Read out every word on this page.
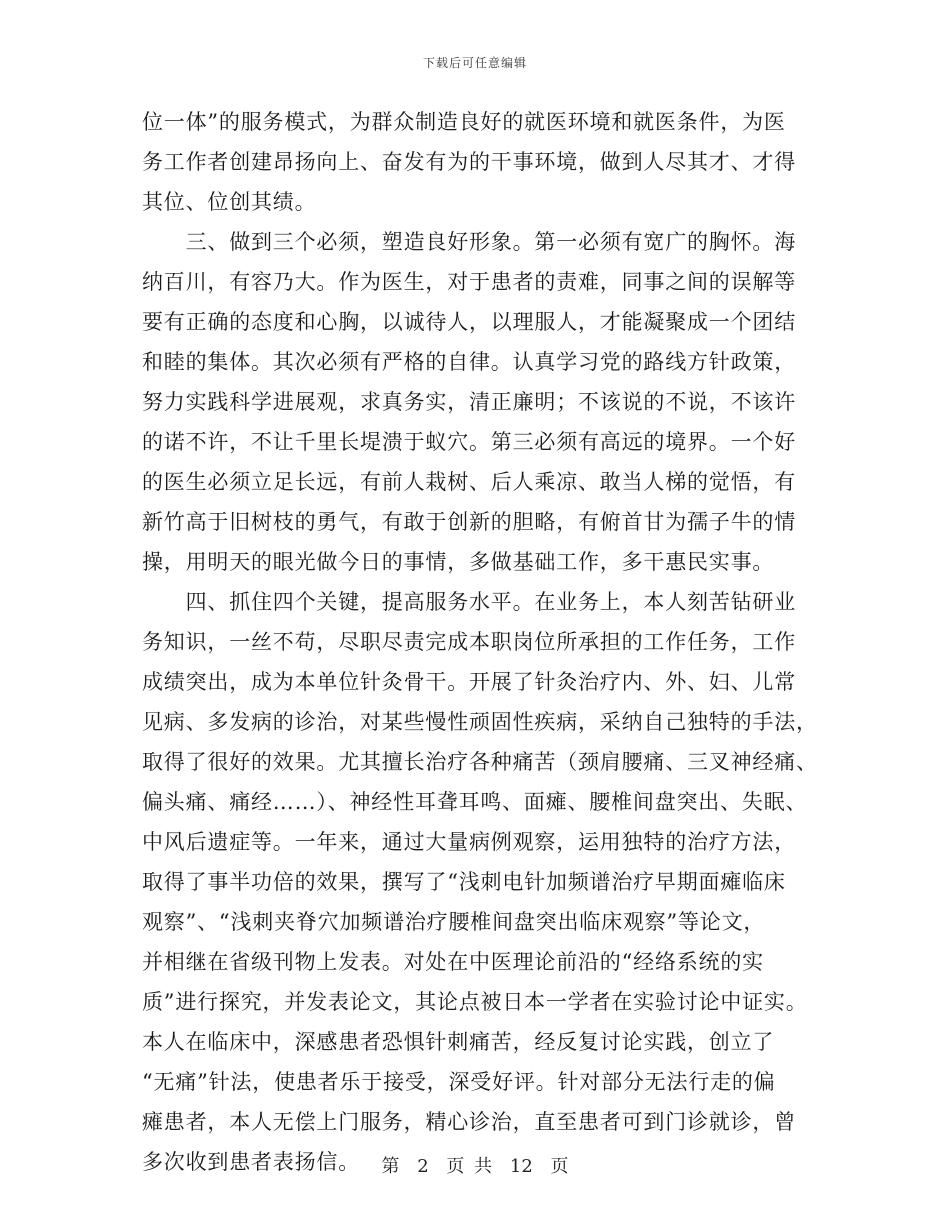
下载后可任意编辑
位一体”的服务模式，为群众制造良好的就医环境和就医条件，为医
务工作者创建昂扬向上、奋发有为的干事环境，做到人尽其才、才得
其位、位创其绩。
　　三、做到三个必须，塑造良好形象。第一必须有宽广的胸怀。海
纳百川，有容乃大。作为医生，对于患者的责难，同事之间的误解等
要有正确的态度和心胸，以诚待人，以理服人，才能凝聚成一个团结
和睦的集体。其次必须有严格的自律。认真学习党的路线方针政策，
努力实践科学进展观，求真务实，清正廉明；不该说的不说，不该许
的诺不许，不让千里长堤溃于蚁穴。第三必须有高远的境界。一个好
的医生必须立足长远，有前人栽树、后人乘凉、敢当人梯的觉悟，有
新竹高于旧树枝的勇气，有敢于创新的胆略，有俯首甘为孺子牛的情
操，用明天的眼光做今日的事情，多做基础工作，多干惠民实事。
　　四、抓住四个关键，提高服务水平。在业务上，本人刻苦钻研业
务知识，一丝不苟，尽职尽责完成本职岗位所承担的工作任务，工作
成绩突出，成为本单位针灸骨干。开展了针灸治疗内、外、妇、儿常
见病、多发病的诊治，对某些慢性顽固性疾病，采纳自己独特的手法，
取得了很好的效果。尤其擅长治疗各种痛苦（颈肩腰痛、三叉神经痛、
偏头痛、痛经……）、神经性耳聋耳鸣、面瘫、腰椎间盘突出、失眠、
中风后遗症等。一年来，通过大量病例观察，运用独特的治疗方法，
取得了事半功倍的效果，撰写了“浅刺电针加频谱治疗早期面瘫临床
观察”、“浅刺夹脊穴加频谱治疗腰椎间盘突出临床观察”等论文，
并相继在省级刊物上发表。对处在中医理论前沿的“经络系统的实
质”进行探究，并发表论文，其论点被日本一学者在实验讨论中证实。
本人在临床中，深感患者恐惧针刺痛苦，经反复讨论实践，创立了
“无痛”针法，使患者乐于接受，深受好评。针对部分无法行走的偏
瘫患者，本人无偿上门服务，精心诊治，直至患者可到门诊就诊，曾
多次收到患者表扬信。	第 2 页 共 12 页
